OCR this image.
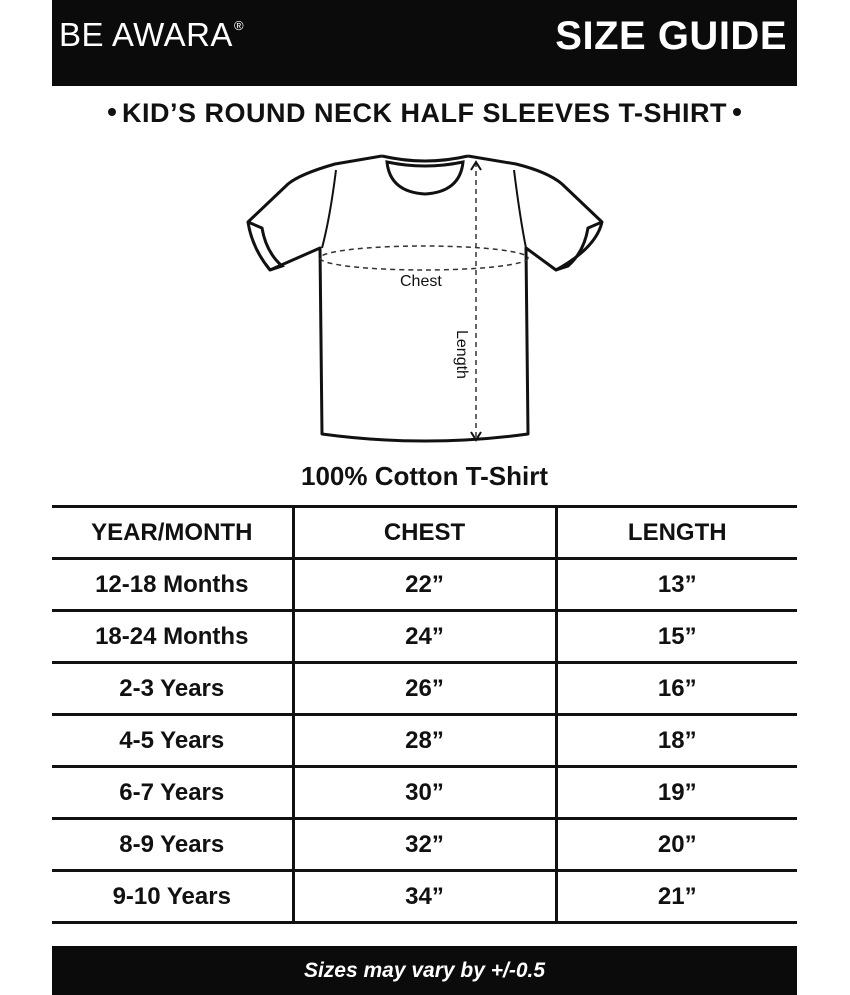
BE AWARA®	SIZE GUIDE
KID’S ROUND NECK HALF SLEEVES T-SHIRT
Chest
Length
100% Cotton T-Shirt
YEAR/MONTH	CHEST	LENGTH
12-18 Months	22”	13”
18-24 Months	24”	15”
2-3 Years	26”	16”
4-5 Years	28”	18”
6-7 Years	30”	19”
8-9 Years	32”	20”
9-10 Years	34”	21”
Sizes may vary by +/-0.5
